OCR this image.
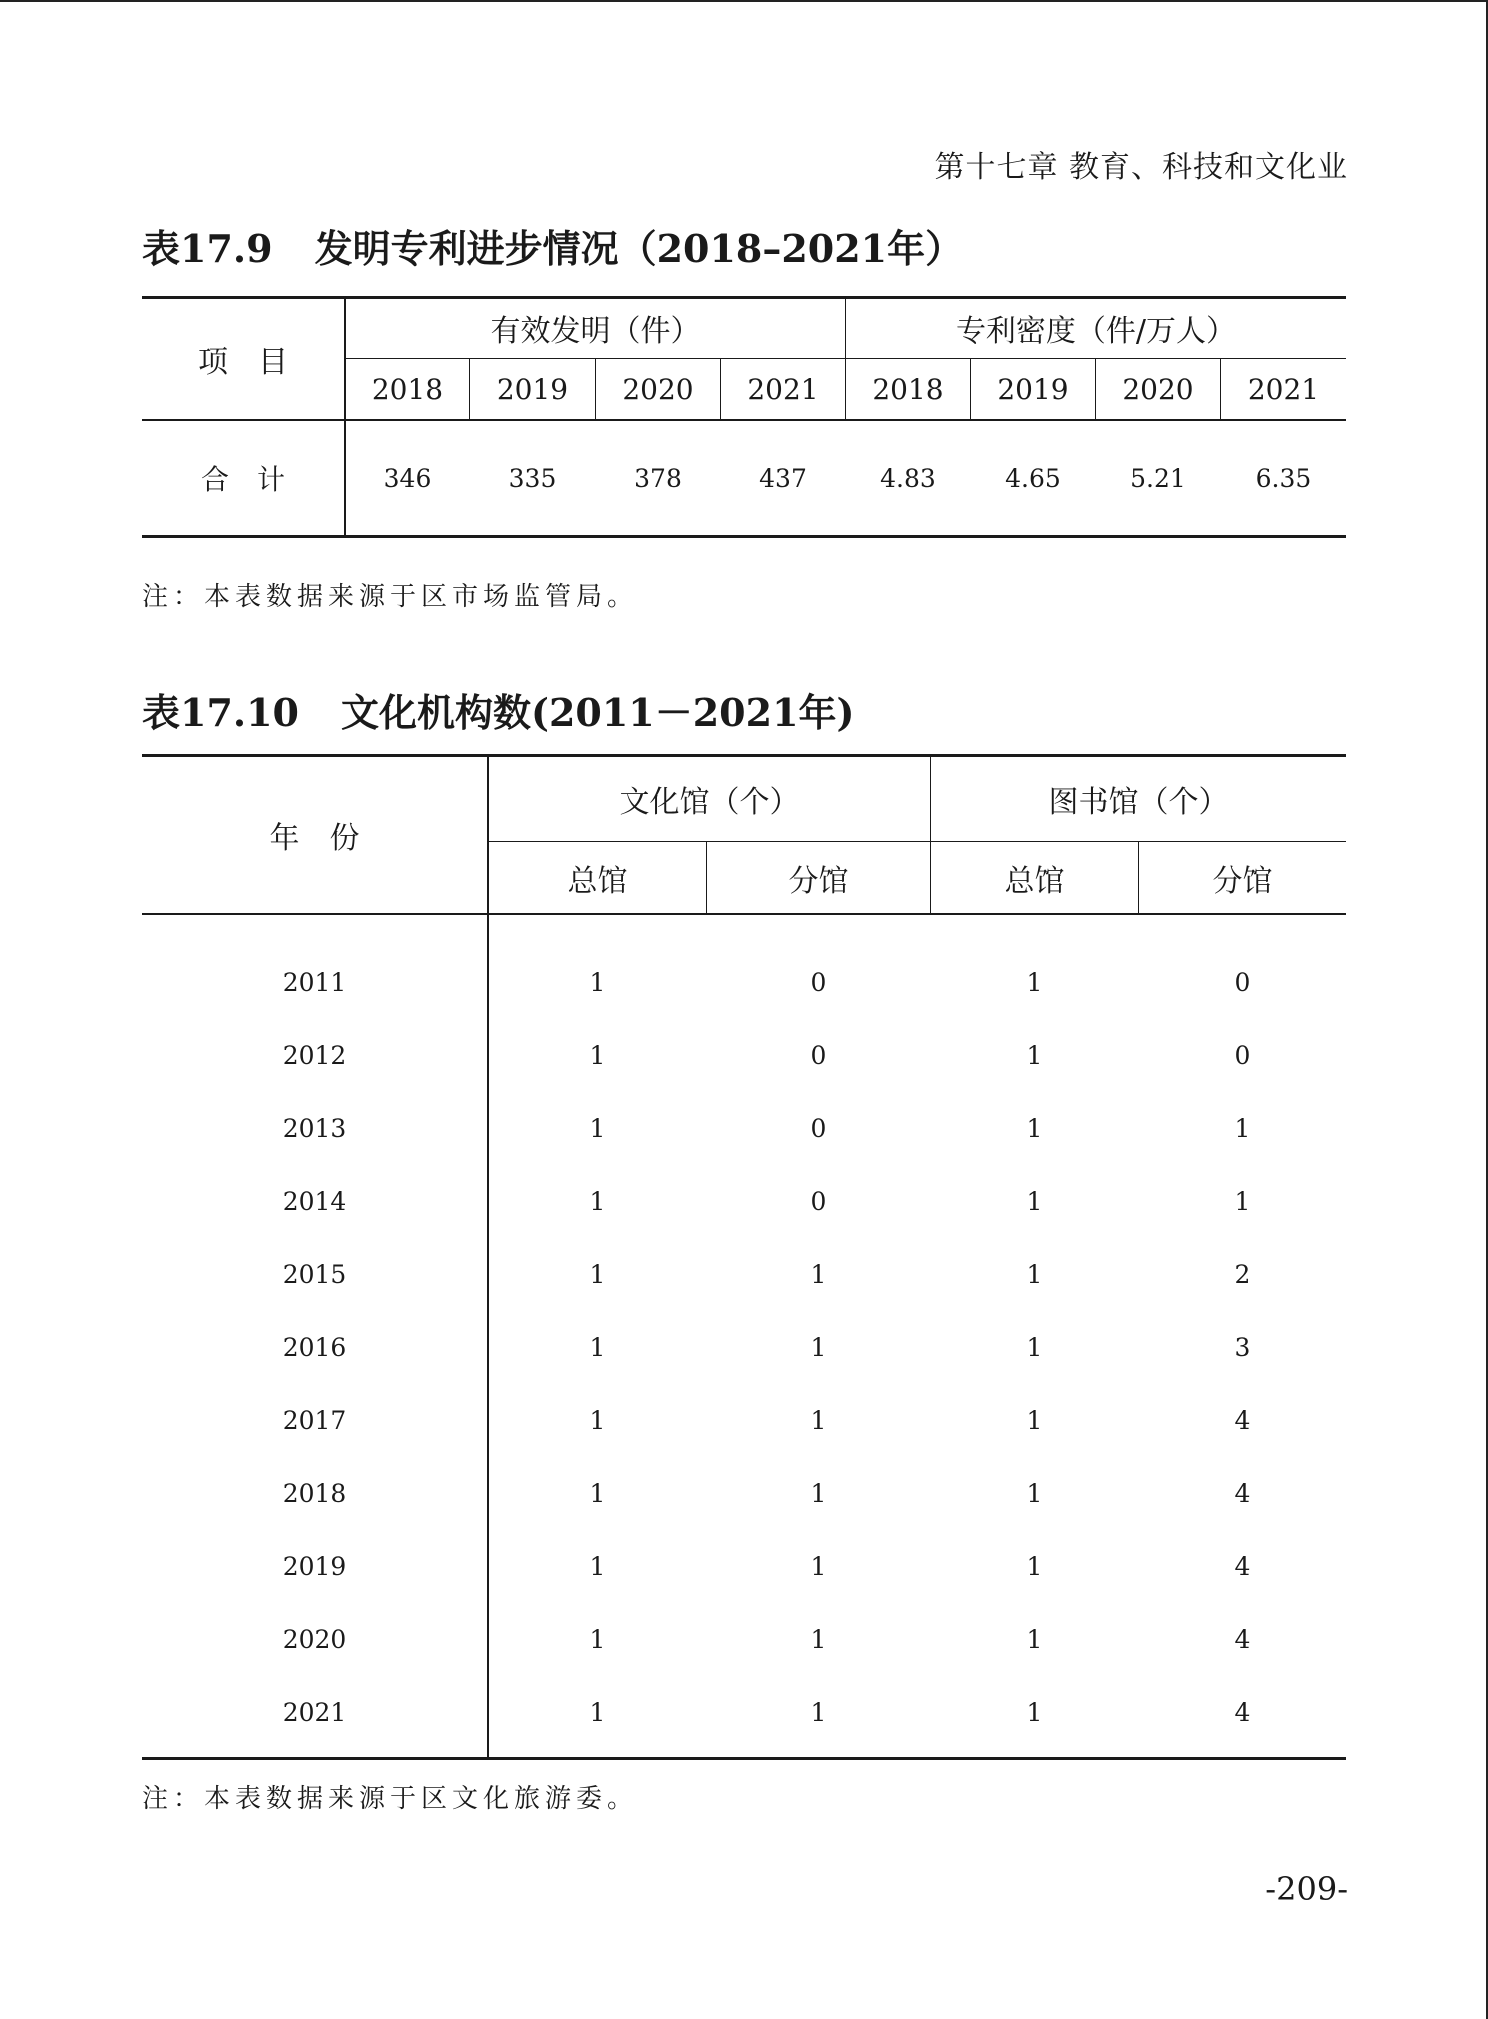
第十七章 教育、科技和文化业
表17.9 发明专利进步情况（2018–2021年）
项　目
有效发明（件）	专利密度（件/万人）
2018	2019	2020	2021	2018	2019	2020	2021
合　计	346	335	378	437	4.83	4.65	5.21	6.35
注：本表数据来源于区市场监管局。
表17.10 文化机构数(2011－2021年)
年　份
文化馆（个）	图书馆（个）
总馆	分馆	总馆	分馆
2011	1	0	1	0
2012	1	0	1	0
2013	1	0	1	1
2014	1	0	1	1
2015	1	1	1	2
2016	1	1	1	3
2017	1	1	1	4
2018	1	1	1	4
2019	1	1	1	4
2020	1	1	1	4
2021	1	1	1	4
注：本表数据来源于区文化旅游委。
-209-
